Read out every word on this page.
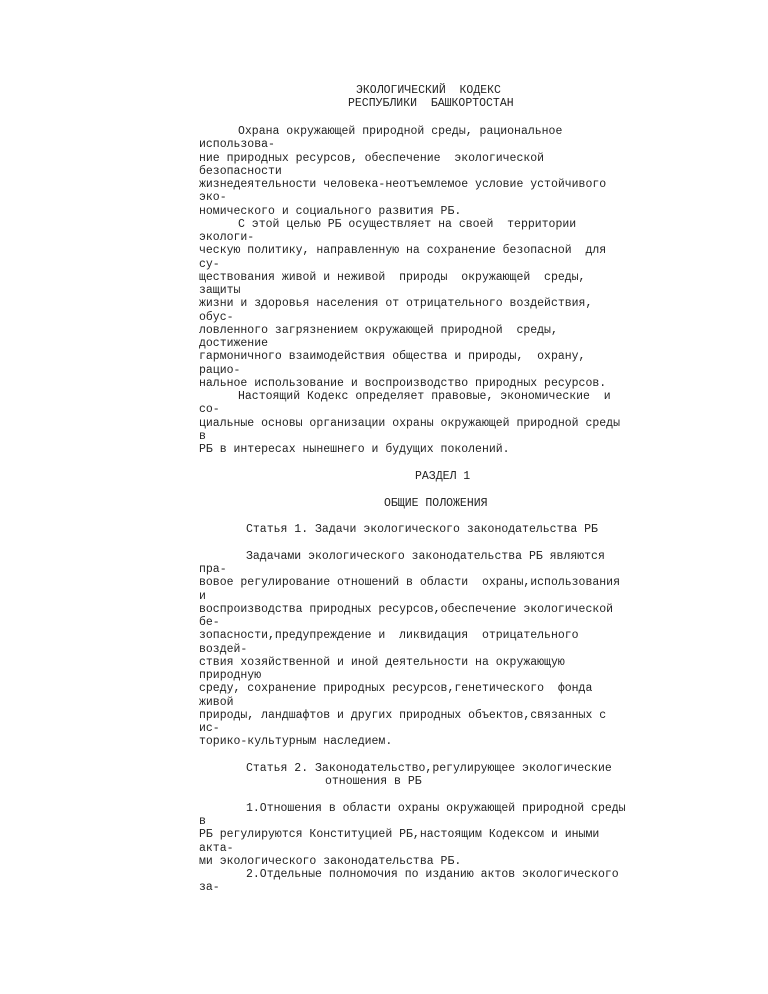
ЭКОЛОГИЧЕСКИЙ  КОДЕКС
РЕСПУБЛИКИ  БАШКОРТОСТАН
Охрана окружающей природной среды, рациональное
использова-
ние природных ресурсов, обеспечение  экологической
безопасности
жизнедеятельности человека-неотъемлемое условие устойчивого
эко-
номического и социального развития РБ.
С этой целью РБ осуществляет на своей  территории
экологи-
ческую политику, направленную на сохранение безопасной  для
су-
ществования живой и неживой  природы  окружающей  среды,
защиты
жизни и здоровья населения от отрицательного воздействия,
обус-
ловленного загрязнением окружающей природной  среды,
достижение
гармоничного взаимодействия общества и природы,  охрану,
рацио-
нальное использование и воспроизводство природных ресурсов.
Настоящий Кодекс определяет правовые, экономические  и
со-
циальные основы организации охраны окружающей природной среды
в
РБ в интересах нынешнего и будущих поколений.
РАЗДЕЛ 1
ОБЩИЕ ПОЛОЖЕНИЯ
Статья 1. Задачи экологического законодательства РБ
Задачами экологического законодательства РБ являются
пра-
вовое регулирование отношений в области  охраны,использования
и
воспроизводства природных ресурсов,обеспечение экологической
бе-
зопасности,предупреждение и  ликвидация  отрицательного
воздей-
ствия хозяйственной и иной деятельности на окружающую
природную
среду, сохранение природных ресурсов,генетического  фонда
живой
природы, ландшафтов и других природных объектов,связанных с
ис-
торико-культурным наследием.
Статья 2. Законодательство,регулирующее экологические
отношения в РБ
1.Отношения в области охраны окружающей природной среды
в
РБ регулируются Конституцией РБ,настоящим Кодексом и иными
акта-
ми экологического законодательства РБ.
2.Отдельные полномочия по изданию актов экологического
за-
